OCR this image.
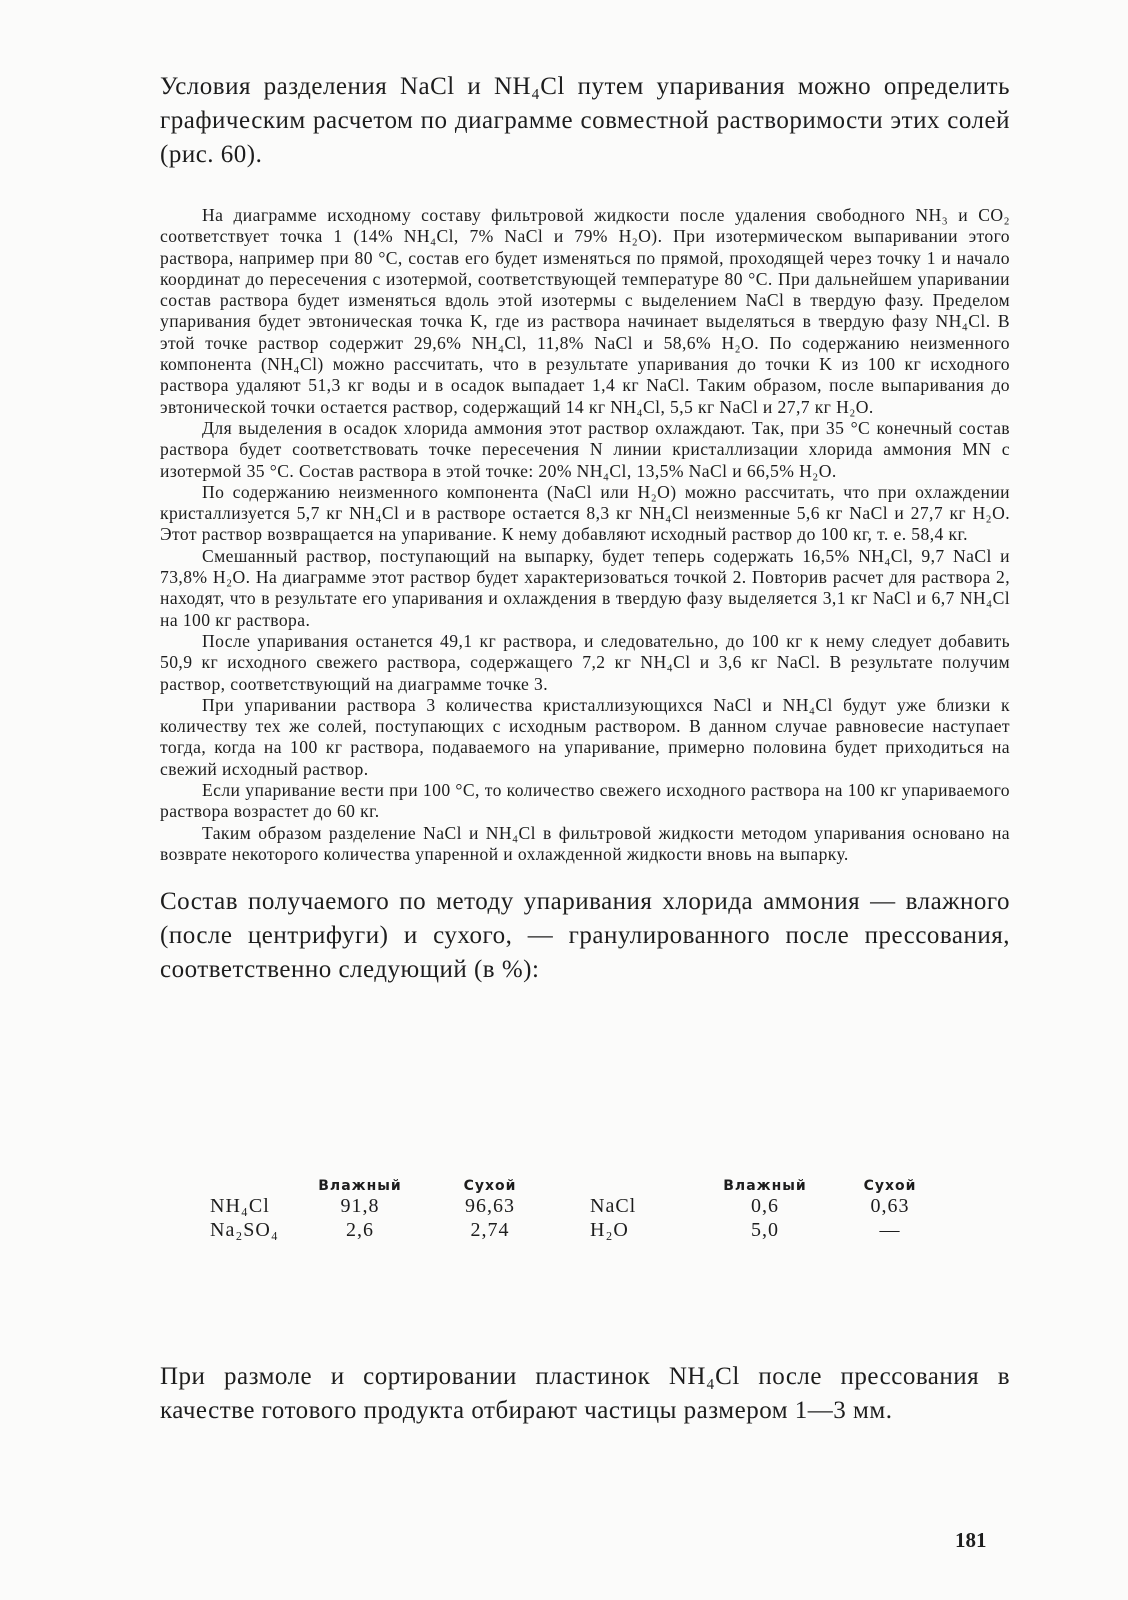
Условия разделения NaCl и NH₄Cl путем упаривания можно определить графическим расчетом по диаграмме совместной растворимости этих солей (рис. 60).

На диаграмме исходному составу фильтровой жидкости после удаления свободного NH₃ и CO₂ соответствует точка 1 (14% NH₄Cl, 7% NaCl и 79% H₂O). При изотермическом выпаривании этого раствора, например при 80 °С, состав его будет изменяться по прямой, проходящей через точку 1 и начало координат до пересечения с изотермой, соответствующей температуре 80 °С. При дальнейшем упаривании состав раствора будет изменяться вдоль этой изотермы с выделением NaCl в твердую фазу. Пределом упаривания будет эвтоническая точка K, где из раствора начинает выделяться в твердую фазу NH₄Cl. В этой точке раствор содержит 29,6% NH₄Cl, 11,8% NaCl и 58,6% H₂O. По содержанию неизменного компонента (NH₄Cl) можно рассчитать, что в результате упаривания до точки K из 100 кг исходного раствора удаляют 51,3 кг воды и в осадок выпадает 1,4 кг NaCl. Таким образом, после выпаривания до эвтонической точки остается раствор, содержащий 14 кг NH₄Cl, 5,5 кг NaCl и 27,7 кг H₂O.

Для выделения в осадок хлорида аммония этот раствор охлаждают. Так, при 35 °С конечный состав раствора будет соответствовать точке пересечения N линии кристаллизации хлорида аммония MN с изотермой 35 °С. Состав раствора в этой точке: 20% NH₄Cl, 13,5% NaCl и 66,5% H₂O.

По содержанию неизменного компонента (NaCl или H₂O) можно рассчитать, что при охлаждении кристаллизуется 5,7 кг NH₄Cl и в растворе остается 8,3 кг NH₄Cl неизменные 5,6 кг NaCl и 27,7 кг H₂O. Этот раствор возвращается на упаривание. К нему добавляют исходный раствор до 100 кг, т. е. 58,4 кг.

Смешанный раствор, поступающий на выпарку, будет теперь содержать 16,5% NH₄Cl, 9,7 NaCl и 73,8% H₂O. На диаграмме этот раствор будет характеризоваться точкой 2. Повторив расчет для раствора 2, находят, что в результате его упаривания и охлаждения в твердую фазу выделяется 3,1 кг NaCl и 6,7 NH₄Cl на 100 кг раствора.

После упаривания останется 49,1 кг раствора, и следовательно, до 100 кг к нему следует добавить 50,9 кг исходного свежего раствора, содержащего 7,2 кг NH₄Cl и 3,6 кг NaCl. В результате получим раствор, соответствующий на диаграмме точке 3.

При упаривании раствора 3 количества кристаллизующихся NaCl и NH₄Cl будут уже близки к количеству тех же солей, поступающих с исходным раствором. В данном случае равновесие наступает тогда, когда на 100 кг раствора, подаваемого на упаривание, примерно половина будет приходиться на свежий исходный раствор.

Если упаривание вести при 100 °С, то количество свежего исходного раствора на 100 кг упариваемого раствора возрастет до 60 кг.

Таким образом разделение NaCl и NH₄Cl в фильтровой жидкости методом упаривания основано на возврате некоторого количества упаренной и охлажденной жидкости вновь на выпарку.

Состав получаемого по методу упаривания хлорида аммония — влажного (после центрифуги) и сухого, — гранулированного после прессования, соответственно следующий (в %):

	Влажный	Сухой			Влажный	Сухой
NH₄Cl	91,8	96,63		NaCl	0,6	0,63
Na₂SO₄	2,6	2,74		H₂O	5,0	—

При размоле и сортировании пластинок NH₄Cl после прессования в качестве готового продукта отбирают частицы размером 1—3 мм.

181
